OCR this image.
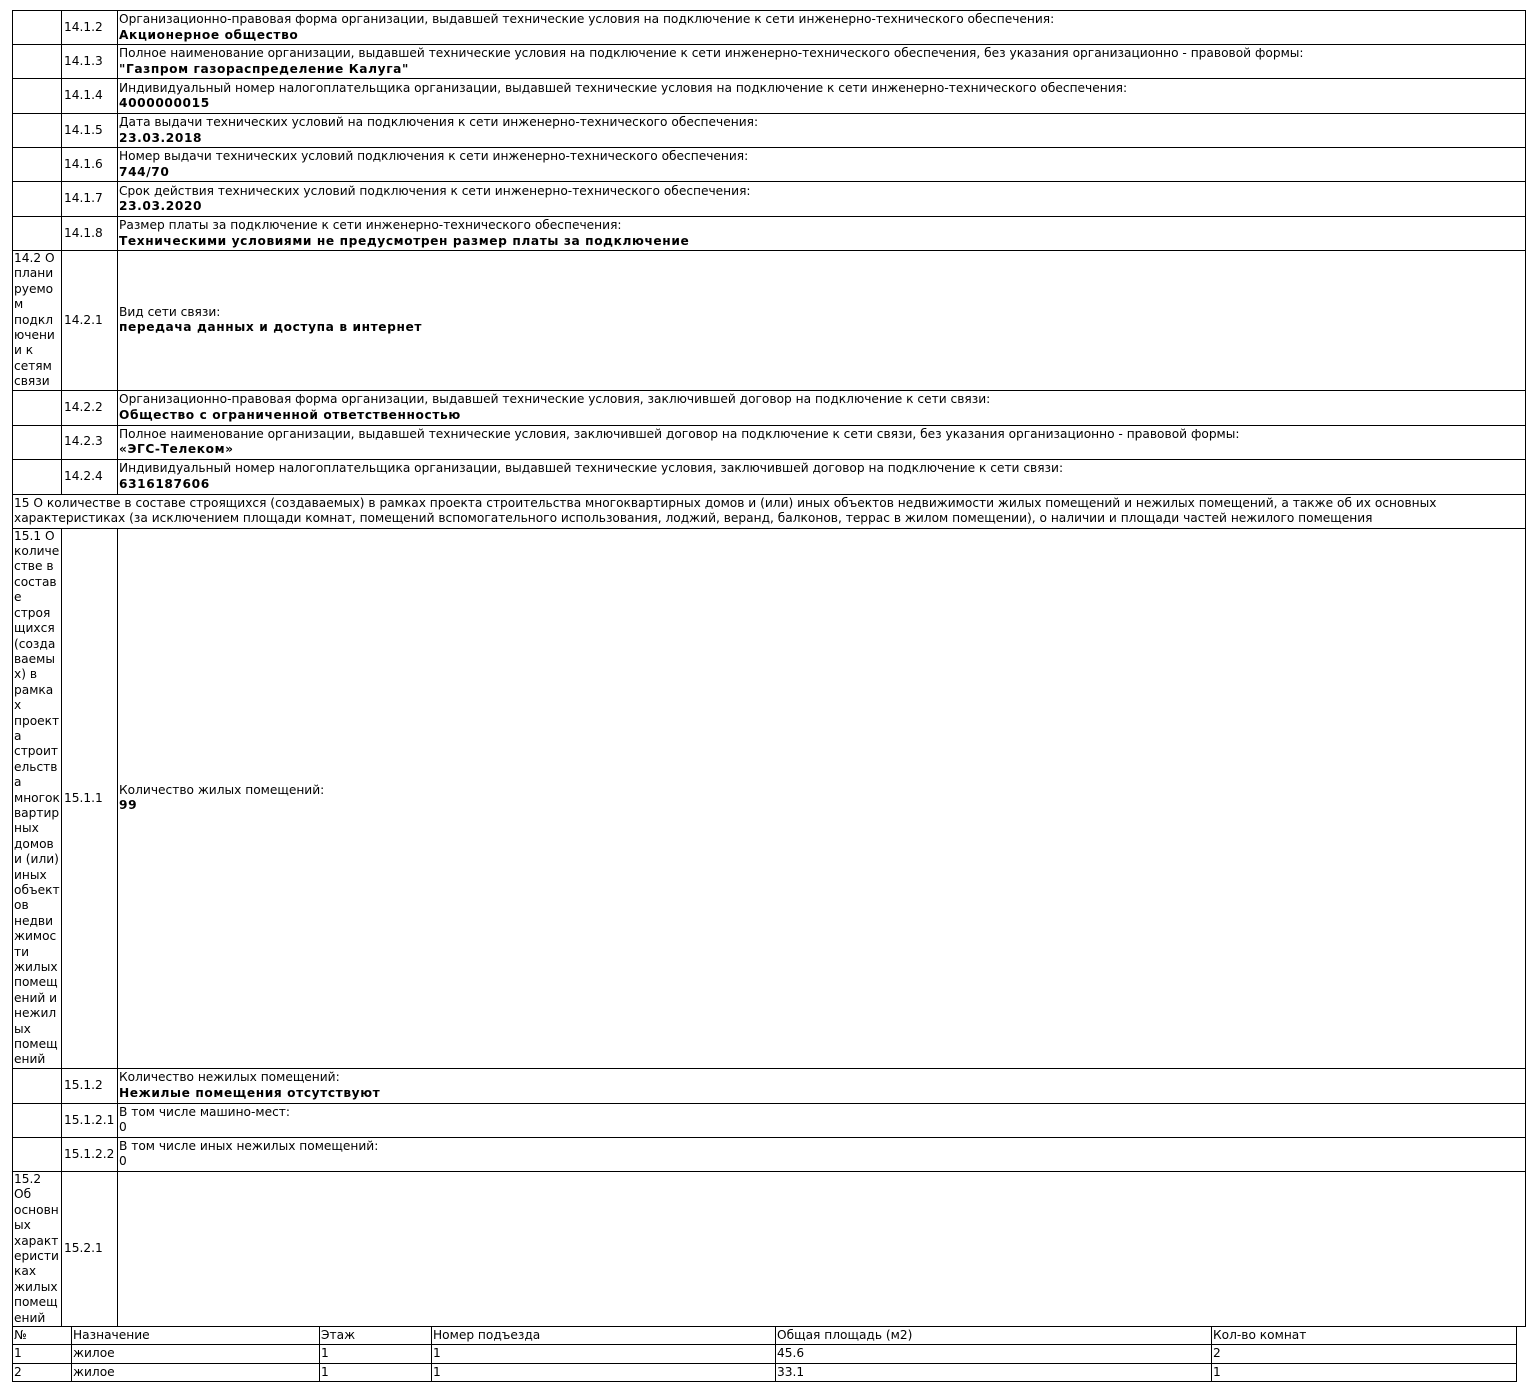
	14.1.2	Организационно-правовая форма организации, выдавшей технические условия на подключение к сети инженерно-технического обеспечения:
Акционерное общество

	14.1.3	Полное наименование организации, выдавшей технические условия на подключение к сети инженерно-технического обеспечения, без указания организационно - правовой формы:
"Газпром газораспределение Калуга"

	14.1.4	Индивидуальный номер налогоплательщика организации, выдавшей технические условия на подключение к сети инженерно-технического обеспечения:
4000000015

	14.1.5	Дата выдачи технических условий на подключения к сети инженерно-технического обеспечения:
23.03.2018

	14.1.6	Номер выдачи технических условий подключения к сети инженерно-технического обеспечения:
744/70

	14.1.7	Срок действия технических условий подключения к сети инженерно-технического обеспечения:
23.03.2020

	14.1.8	Размер платы за подключение к сети инженерно-технического обеспечения:
Техническими условиями не предусмотрен размер платы за подключение

14.2 О планируемом подключении к сетям связи	14.2.1	Вид сети связи:
передача данных и доступа в интернет

	14.2.2	Организационно-правовая форма организации, выдавшей технические условия, заключившей договор на подключение к сети связи:
Общество с ограниченной ответственностью

	14.2.3	Полное наименование организации, выдавшей технические условия, заключившей договор на подключение к сети связи, без указания организационно - правовой формы:
«ЭГС-Телеком»

	14.2.4	Индивидуальный номер налогоплательщика организации, выдавшей технические условия, заключившей договор на подключение к сети связи:
6316187606

15 О количестве в составе строящихся (создаваемых) в рамках проекта строительства многоквартирных домов и (или) иных объектов недвижимости жилых помещений и нежилых помещений, а также об их основных характеристиках (за исключением площади комнат, помещений вспомогательного использования, лоджий, веранд, балконов, террас в жилом помещении), о наличии и площади частей нежилого помещения		

15.1 О количестве в составе строящихся (создаваемых) в рамках проекта строительства многоквартирных домов и (или) иных объектов недвижимости жилых помещений и нежилых помещений	15.1.1	Количество жилых помещений:
99

	15.1.2	Количество нежилых помещений:
Нежилые помещения отсутствуют

	15.1.2.1	В том числе машино-мест:
0

	15.1.2.2	В том числе иных нежилых помещений:
0

15.2 Об основных характеристиках жилых помещений	15.2.1	
№	Назначение	Этаж	Номер подъезда	Общая площадь (м2)	Кол-во комнат
1	жилое	1	1	45.6	2
2	жилое	1	1	33.1	1
